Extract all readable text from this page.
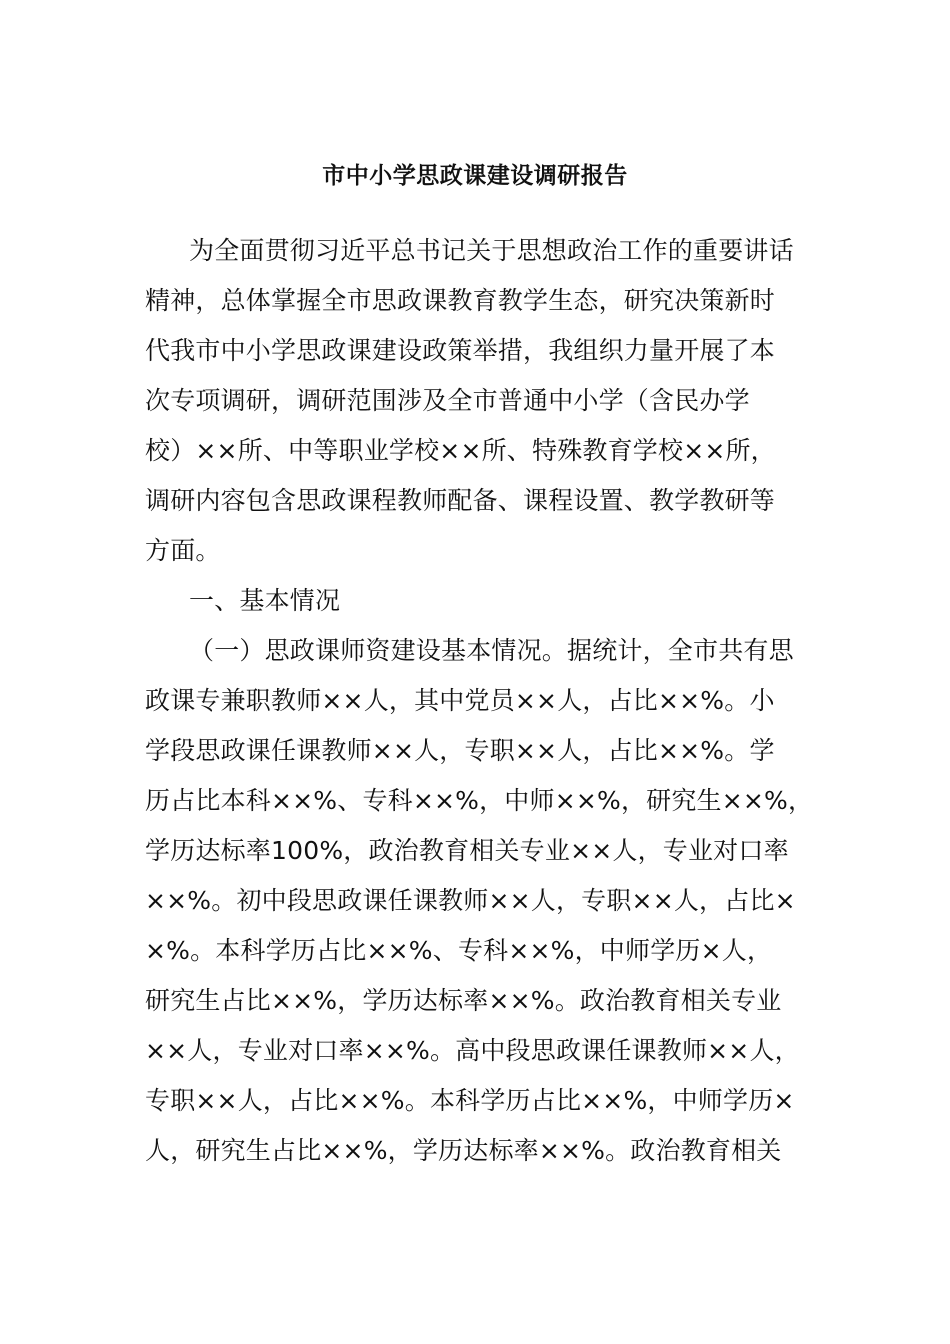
市中小学思政课建设调研报告
为全面贯彻习近平总书记关于思想政治工作的重要讲话
精神，总体掌握全市思政课教育教学生态，研究决策新时
代我市中小学思政课建设政策举措，我组织力量开展了本
次专项调研，调研范围涉及全市普通中小学（含民办学
校）××所、中等职业学校××所、特殊教育学校××所，
调研内容包含思政课程教师配备、课程设置、教学教研等
方面。
一、基本情况
（一）思政课师资建设基本情况。据统计，全市共有思
政课专兼职教师××人，其中党员××人，占比××%。小
学段思政课任课教师××人，专职××人，占比××%。学
历占比本科××%、专科××%，中师××%，研究生××%，
学历达标率100%，政治教育相关专业××人，专业对口率
××%。初中段思政课任课教师××人，专职××人，占比×
×%。本科学历占比××%、专科××%，中师学历×人，
研究生占比××%，学历达标率××%。政治教育相关专业
××人，专业对口率××%。高中段思政课任课教师××人，
专职××人，占比××%。本科学历占比××%，中师学历×
人，研究生占比××%，学历达标率××%。政治教育相关
